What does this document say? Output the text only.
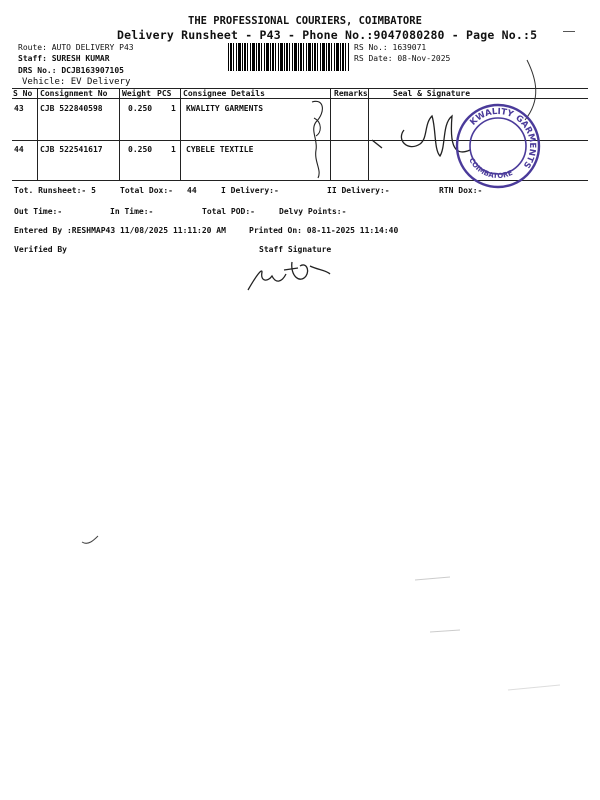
THE PROFESSIONAL COURIERS, COIMBATORE
Delivery Runsheet - P43 - Phone No.:9047080280 - Page No.:5
Route: AUTO DELIVERY P43
Staff: SURESH KUMAR
DRS No.: DCJB163907105
Vehicle: EV Delivery
RS No.: 1639071
RS Date: 08-Nov-2025
S No Consignment No Weight PCS Consignee Details	Remarks	Seal & Signature
43 CJB 522840598	0.250 1 KWALITY GARMENTS
44 CJB 522541617	0.250 1 CYBELE TEXTILE
Tot. Runsheet:- 5	Total Dox:- 44	I Delivery:-	II Delivery:-	RTN Dox:-
Out Time:-	In Time:-	Total POD:-	Delvy Points:-
Entered By :RESHMAP43 11/08/2025 11:11:20 AM	Printed On: 08-11-2025 11:14:40
Verified By	Staff Signature
KWALITY
GARMENTS
COIMBATORE
